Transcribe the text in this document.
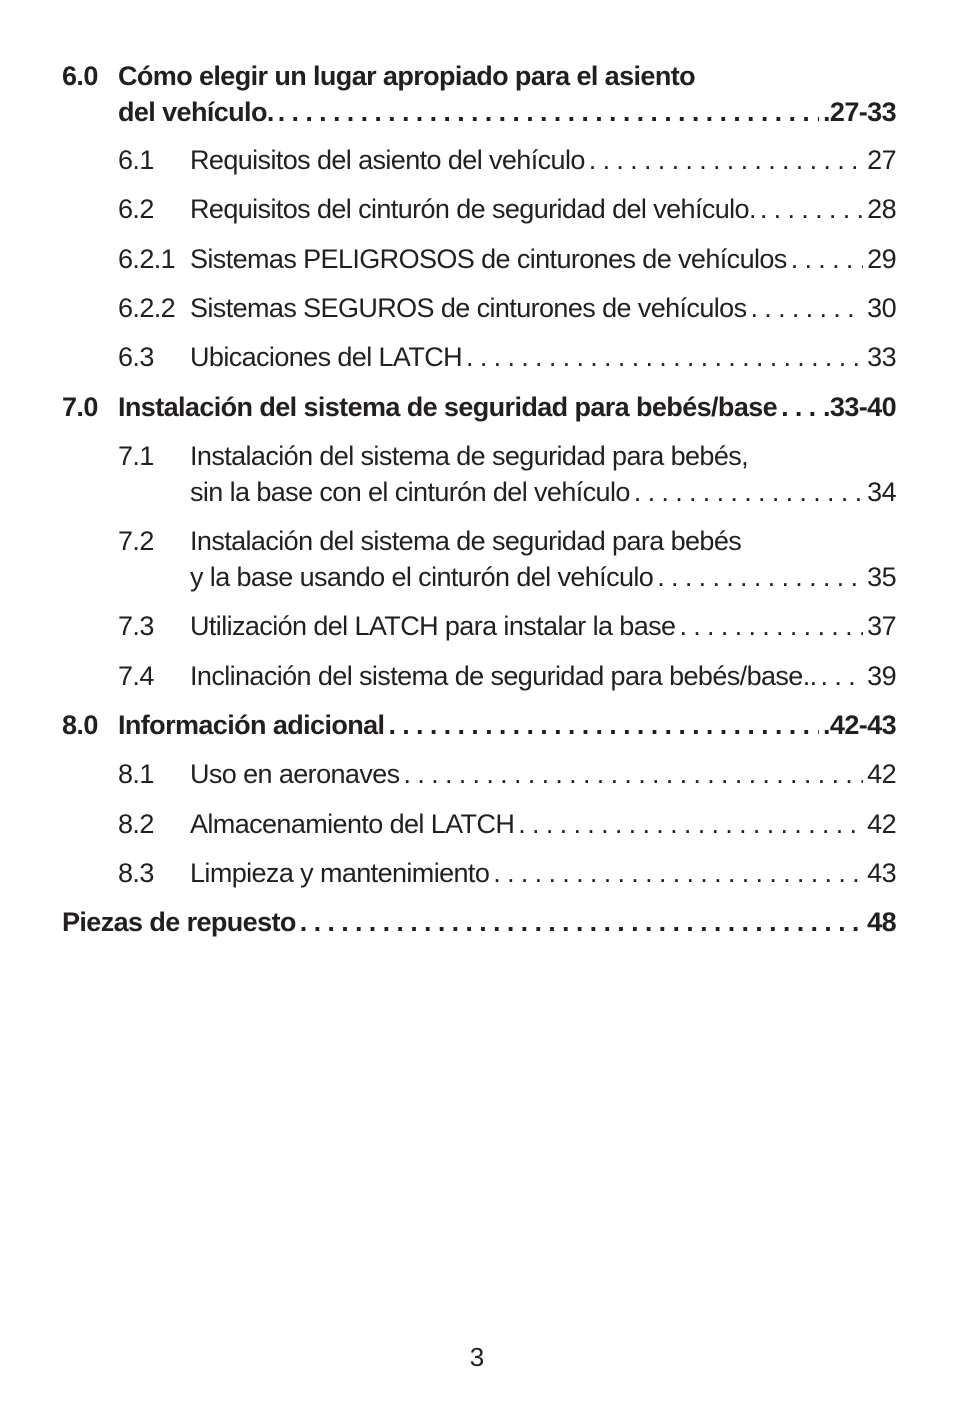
6.0 Cómo elegir un lugar apropiado para el asiento
del vehículo. . . .	.27-33
6.1	Requisitos del asiento del vehículo . . .	27
6.2	Requisitos del cinturón de seguridad del vehículo. . . .	28
6.2.1 Sistemas PELIGROSOS de cinturones de vehículos . . .	29
6.2.2 Sistemas SEGUROS de cinturones de vehículos . . .	30
6.3	Ubicaciones del LATCH . . .	33
7.0 Instalación del sistema de seguridad para bebés/base . . . .33-40
7.1	Instalación del sistema de seguridad para bebés,
sin la base con el cinturón del vehículo . . .	34
7.2	Instalación del sistema de seguridad para bebés
y la base usando el cinturón del vehículo . . .	35
7.3	Utilización del LATCH para instalar la base . . .	37
7.4	Inclinación del sistema de seguridad para bebés/base.. . . . 39
8.0 Información adicional . . .	.42-43
8.1	Uso en aeronaves . . .	42
8.2	Almacenamiento del LATCH . . .	42
8.3	Limpieza y mantenimiento . . .	43
Piezas de repuesto . . .	48
3
